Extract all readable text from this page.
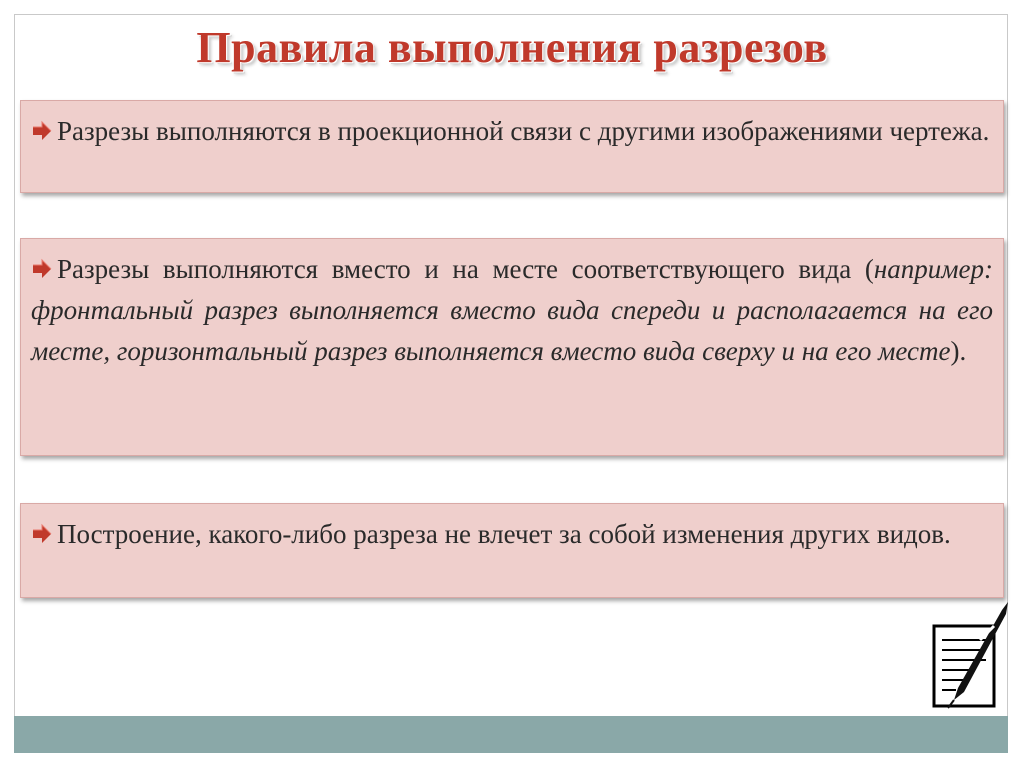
Правила выполнения разрезов
Разрезы выполняются в проекционной связи с другими изображениями чертежа.
Разрезы выполняются вместо и на месте соответствующего вида (например: фронтальный разрез выполняется вместо вида спереди и располагается на его месте, горизонтальный разрез выполняется вместо вида сверху и на его месте).
Построение, какого-либо разреза не влечет за собой изменения других видов.
